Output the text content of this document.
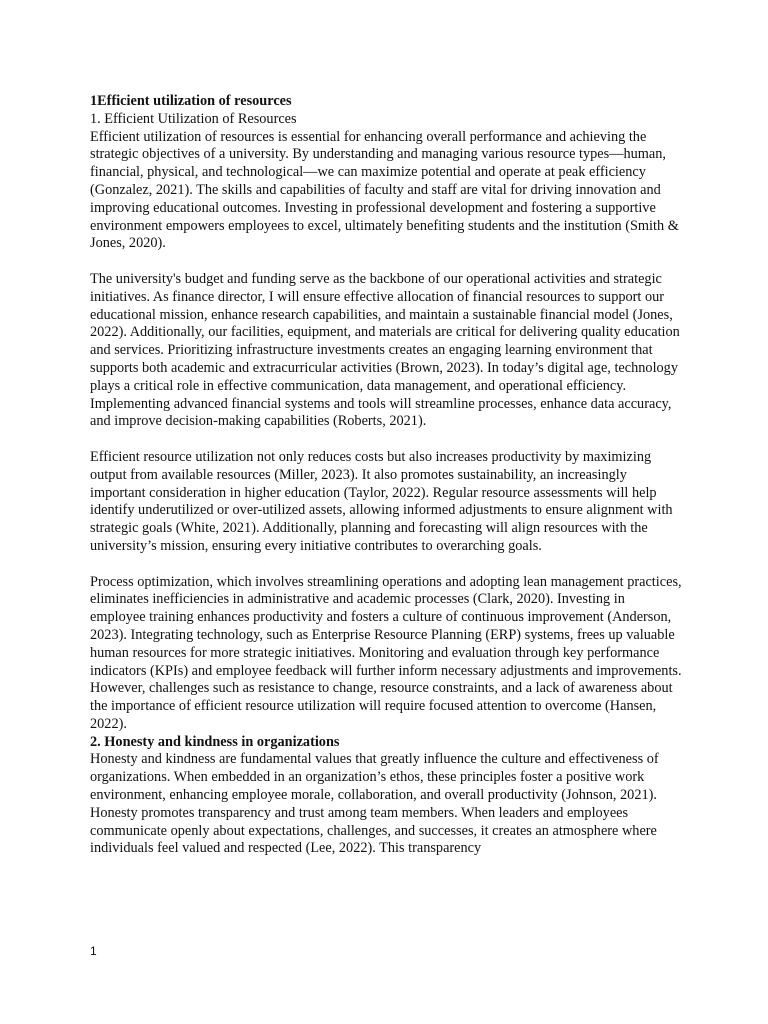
1Efficient utilization of resources

1. Efficient Utilization of Resources

Efficient utilization of resources is essential for enhancing overall performance and achieving the strategic objectives of a university. By understanding and managing various resource types—human, financial, physical, and technological—we can maximize potential and operate at peak efficiency (Gonzalez, 2021). The skills and capabilities of faculty and staff are vital for driving innovation and improving educational outcomes. Investing in professional development and fostering a supportive environment empowers employees to excel, ultimately benefiting students and the institution (Smith & Jones, 2020).

The university's budget and funding serve as the backbone of our operational activities and strategic initiatives. As finance director, I will ensure effective allocation of financial resources to support our educational mission, enhance research capabilities, and maintain a sustainable financial model (Jones, 2022). Additionally, our facilities, equipment, and materials are critical for delivering quality education and services. Prioritizing infrastructure investments creates an engaging learning environment that supports both academic and extracurricular activities (Brown, 2023). In today’s digital age, technology plays a critical role in effective communication, data management, and operational efficiency. Implementing advanced financial systems and tools will streamline processes, enhance data accuracy, and improve decision-making capabilities (Roberts, 2021).

Efficient resource utilization not only reduces costs but also increases productivity by maximizing output from available resources (Miller, 2023). It also promotes sustainability, an increasingly important consideration in higher education (Taylor, 2022). Regular resource assessments will help identify underutilized or over-utilized assets, allowing informed adjustments to ensure alignment with strategic goals (White, 2021). Additionally, planning and forecasting will align resources with the university’s mission, ensuring every initiative contributes to overarching goals.

Process optimization, which involves streamlining operations and adopting lean management practices, eliminates inefficiencies in administrative and academic processes (Clark, 2020). Investing in employee training enhances productivity and fosters a culture of continuous improvement (Anderson, 2023). Integrating technology, such as Enterprise Resource Planning (ERP) systems, frees up valuable human resources for more strategic initiatives. Monitoring and evaluation through key performance indicators (KPIs) and employee feedback will further inform necessary adjustments and improvements. However, challenges such as resistance to change, resource constraints, and a lack of awareness about the importance of efficient resource utilization will require focused attention to overcome (Hansen, 2022).

2. Honesty and kindness in organizations

Honesty and kindness are fundamental values that greatly influence the culture and effectiveness of organizations. When embedded in an organization’s ethos, these principles foster a positive work environment, enhancing employee morale, collaboration, and overall productivity (Johnson, 2021). Honesty promotes transparency and trust among team members. When leaders and employees communicate openly about expectations, challenges, and successes, it creates an atmosphere where individuals feel valued and respected (Lee, 2022). This transparency

1
